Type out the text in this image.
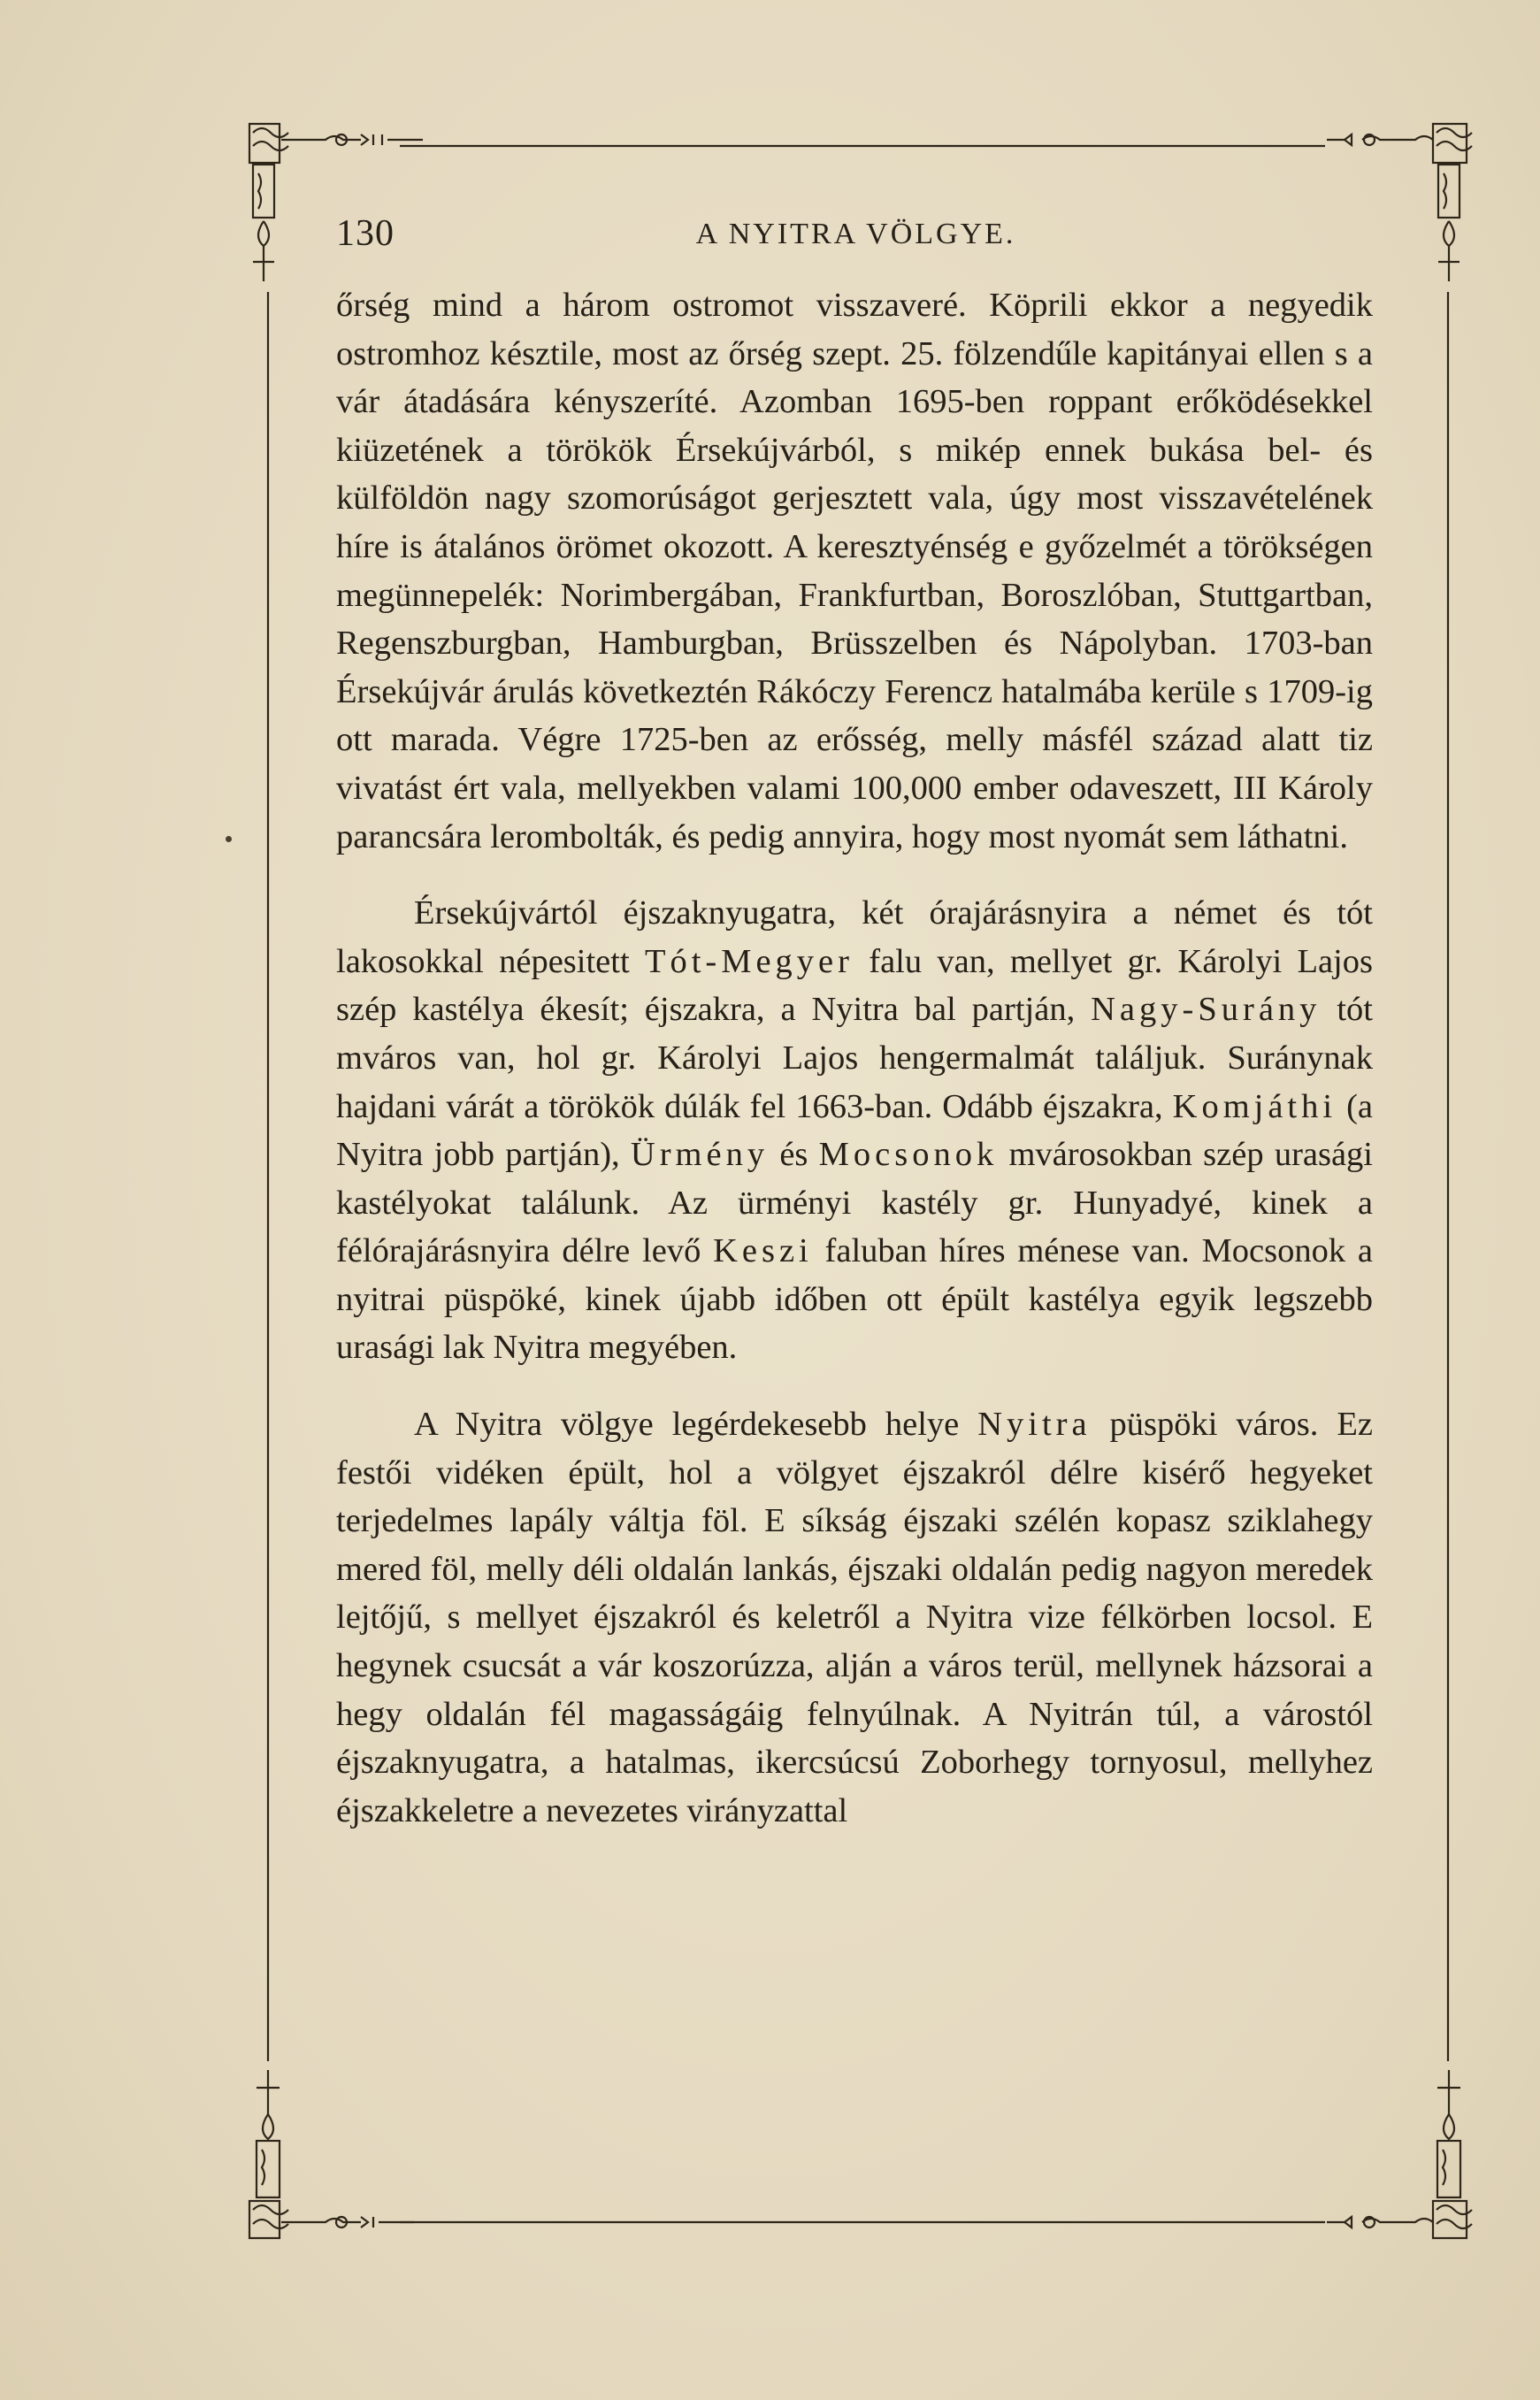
130	A NYITRA VÖLGYE.

őrség mind a három ostromot visszaveré. Köprili ekkor a negyedik ostromhoz késztile, most az őrség szept. 25. fölzendűle kapitányai ellen s a vár átadására kényszeríté. Azomban 1695-ben roppant erőködésekkel kiüzetének a törökök Érsekújvárból, s mikép ennek bukása bel- és külföldön nagy szomorúságot gerjesztett vala, úgy most visszavételének híre is átalános örömet okozott. A keresztyénség e győzelmét a törökségen megünnepelék: Norimbergában, Frankfurtban, Boroszlóban, Stuttgartban, Regenszburgban, Hamburgban, Brüsszelben és Nápolyban. 1703-ban Érsekújvár árulás következtén Rákóczy Ferencz hatalmába kerüle s 1709-ig ott marada. Végre 1725-ben az erősség, melly másfél század alatt tiz vivatást ért vala, mellyekben valami 100,000 ember odaveszett, III Károly parancsára lerombolták, és pedig annyira, hogy most nyomát sem láthatni.

Érsekújvártól éjszaknyugatra, két órajárásnyira a német és tót lakosokkal népesitett Tót-Megyer falu van, mellyet gr. Károlyi Lajos szép kastélya ékesít; éjszakra, a Nyitra bal partján, Nagy-Surány tót mváros van, hol gr. Károlyi Lajos hengermalmát találjuk. Suránynak hajdani várát a törökök dúlák fel 1663-ban. Odább éjszakra, Komjáthi (a Nyitra jobb partján), Ürmény és Mocsonok mvárosokban szép urasági kastélyokat találunk. Az ürményi kastély gr. Hunyadyé, kinek a félórajárásnyira délre levő Keszi faluban híres ménese van. Mocsonok a nyitrai püspöké, kinek újabb időben ott épült kastélya egyik legszebb urasági lak Nyitra megyében.

A Nyitra völgye legérdekesebb helye Nyitra püspöki város. Ez festői vidéken épült, hol a völgyet éjszakról délre kisérő hegyeket terjedelmes lapály váltja föl. E síkság éjszaki szélén kopasz sziklahegy mered föl, melly déli oldalán lankás, éjszaki oldalán pedig nagyon meredek lejtőjű, s mellyet éjszakról és keletről a Nyitra vize félkörben locsol. E hegynek csucsát a vár koszorúzza, alján a város terül, mellynek házsorai a hegy oldalán fél magasságáig felnyúlnak. A Nyitrán túl, a várostól éjszaknyugatra, a hatalmas, ikercsúcsú Zoborhegy tornyosul, mellyhez éjszakkeletre a nevezetes virányzattal
